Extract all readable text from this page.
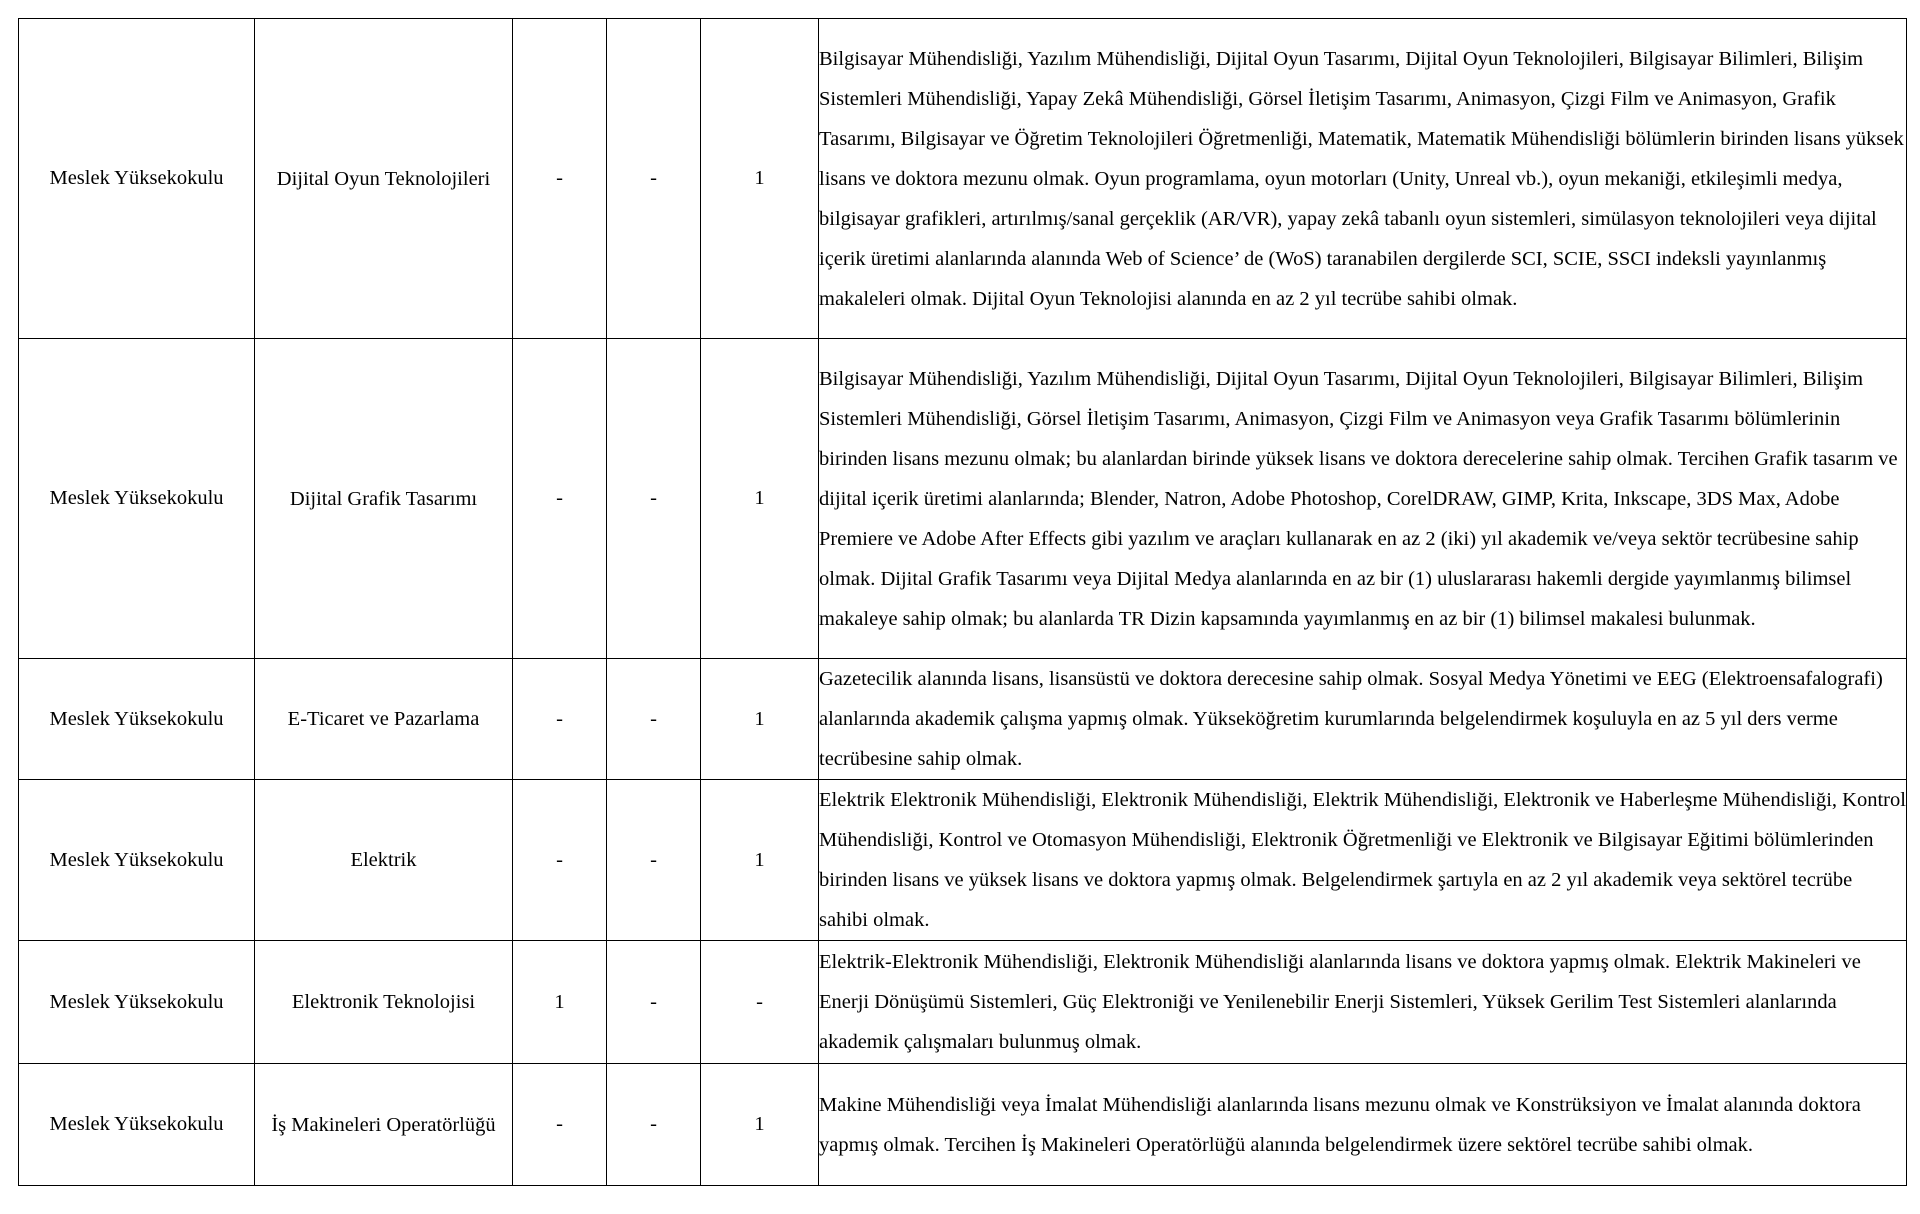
Meslek Yüksekokulu	Dijital Oyun Teknolojileri	-	-	1	Bilgisayar Mühendisliği, Yazılım Mühendisliği, Dijital Oyun Tasarımı, Dijital Oyun Teknolojileri, Bilgisayar Bilimleri, Bilişim Sistemleri Mühendisliği, Yapay Zekâ Mühendisliği, Görsel İletişim Tasarımı, Animasyon, Çizgi Film ve Animasyon, Grafik Tasarımı, Bilgisayar ve Öğretim Teknolojileri Öğretmenliği, Matematik, Matematik Mühendisliği bölümlerin birinden lisans yüksek lisans ve doktora mezunu olmak. Oyun programlama, oyun motorları (Unity, Unreal vb.), oyun mekaniği, etkileşimli medya, bilgisayar grafikleri, artırılmış/sanal gerçeklik (AR/VR), yapay zekâ tabanlı oyun sistemleri, simülasyon teknolojileri veya dijital içerik üretimi alanlarında alanında Web of Science’ de (WoS) taranabilen dergilerde SCI, SCIE, SSCI indeksli yayınlanmış makaleleri olmak. Dijital Oyun Teknolojisi alanında en az 2 yıl tecrübe sahibi olmak.
Meslek Yüksekokulu	Dijital Grafik Tasarımı	-	-	1	Bilgisayar Mühendisliği, Yazılım Mühendisliği, Dijital Oyun Tasarımı, Dijital Oyun Teknolojileri, Bilgisayar Bilimleri, Bilişim Sistemleri Mühendisliği, Görsel İletişim Tasarımı, Animasyon, Çizgi Film ve Animasyon veya Grafik Tasarımı bölümlerinin birinden lisans mezunu olmak; bu alanlardan birinde yüksek lisans ve doktora derecelerine sahip olmak. Tercihen Grafik tasarım ve dijital içerik üretimi alanlarında; Blender, Natron, Adobe Photoshop, CorelDRAW, GIMP, Krita, Inkscape, 3DS Max, Adobe Premiere ve Adobe After Effects gibi yazılım ve araçları kullanarak en az 2 (iki) yıl akademik ve/veya sektör tecrübesine sahip olmak. Dijital Grafik Tasarımı veya Dijital Medya alanlarında en az bir (1) uluslararası hakemli dergide yayımlanmış bilimsel makaleye sahip olmak; bu alanlarda TR Dizin kapsamında yayımlanmış en az bir (1) bilimsel makalesi bulunmak.
Meslek Yüksekokulu	E-Ticaret ve Pazarlama	-	-	1	Gazetecilik alanında lisans, lisansüstü ve doktora derecesine sahip olmak. Sosyal Medya Yönetimi ve EEG (Elektroensafalografi) alanlarında akademik çalışma yapmış olmak. Yükseköğretim kurumlarında belgelendirmek koşuluyla en az 5 yıl ders verme tecrübesine sahip olmak.
Meslek Yüksekokulu	Elektrik	-	-	1	Elektrik Elektronik Mühendisliği, Elektronik Mühendisliği, Elektrik Mühendisliği, Elektronik ve Haberleşme Mühendisliği, Kontrol Mühendisliği, Kontrol ve Otomasyon Mühendisliği, Elektronik Öğretmenliği ve Elektronik ve Bilgisayar Eğitimi bölümlerinden birinden lisans ve yüksek lisans ve doktora yapmış olmak. Belgelendirmek şartıyla en az 2 yıl akademik veya sektörel tecrübe sahibi olmak.
Meslek Yüksekokulu	Elektronik Teknolojisi	1	-	-	Elektrik-Elektronik Mühendisliği, Elektronik Mühendisliği alanlarında lisans ve doktora yapmış olmak. Elektrik Makineleri ve Enerji Dönüşümü Sistemleri, Güç Elektroniği ve Yenilenebilir Enerji Sistemleri, Yüksek Gerilim Test Sistemleri alanlarında akademik çalışmaları bulunmuş olmak.
Meslek Yüksekokulu	İş Makineleri Operatörlüğü	-	-	1	Makine Mühendisliği veya İmalat Mühendisliği alanlarında lisans mezunu olmak ve Konstrüksiyon ve İmalat alanında doktora yapmış olmak. Tercihen İş Makineleri Operatörlüğü alanında belgelendirmek üzere sektörel tecrübe sahibi olmak.
